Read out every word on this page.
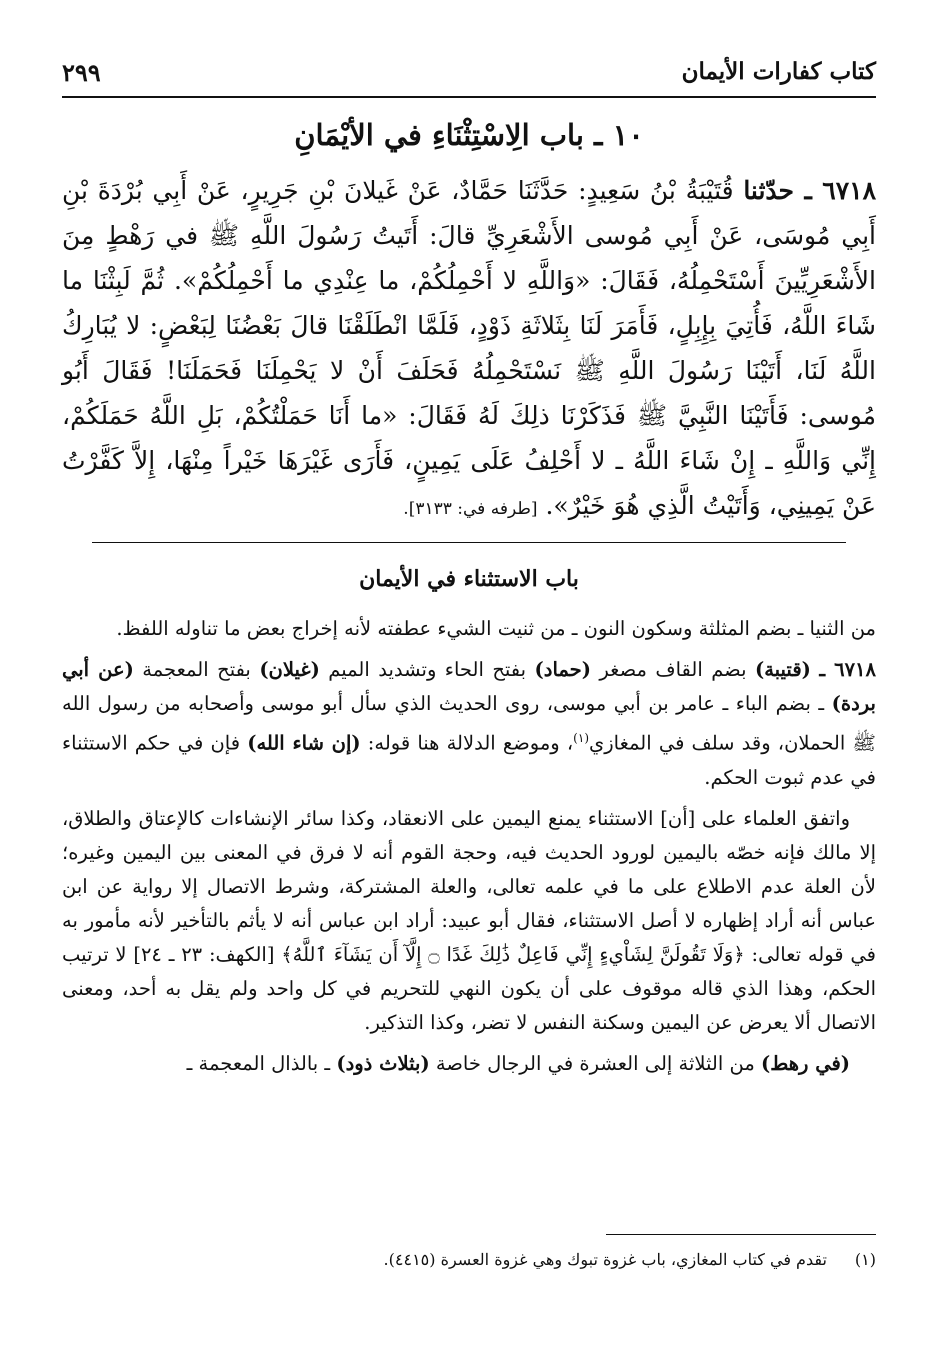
كتاب كفارات الأيمان
٢٩٩
١٠ ـ باب الِاسْتِثْنَاءِ في الأيْمَانِ
٦٧١٨ ـ حدّثنا قُتَيْبَةُ بْنُ سَعِيدٍ: حَدَّثَنَا حَمَّادٌ، عَنْ غَيلانَ بْنِ جَرِيرٍ، عَنْ أَبِي بُرْدَةَ بْنِ أَبِي مُوسَى، عَنْ أَبِي مُوسى الأَشْعَرِيِّ قالَ: أَتَيتُ رَسُولَ اللَّهِ ﷺ في رَهْطٍ مِنَ الأَشْعَرِيِّينَ أَسْتَحْمِلُهُ، فَقَالَ: «وَاللَّهِ لا أَحْمِلُكُمْ، ما عِنْدِي ما أَحْمِلُكُمْ». ثُمَّ لَبِثْنَا ما شَاءَ اللَّهُ، فَأُتِيَ بِإِبِلٍ، فَأَمَرَ لَنَا بِثَلاثَةِ ذَوْدٍ، فَلَمَّا انْطَلَقْنَا قالَ بَعْضُنَا لِبَعْضٍ: لا يُبَارِكُ اللَّهُ لَنَا، أَتَيْنَا رَسُولَ اللَّهِ ﷺ نَسْتَحْمِلُهُ فَحَلَفَ أَنْ لا يَحْمِلَنَا فَحَمَلَنَا! فَقَالَ أَبُو مُوسى: فَأَتَيْنَا النَّبِيَّ ﷺ فَذَكَرْنَا ذلِكَ لَهُ فَقَالَ: «ما أَنَا حَمَلْتُكُمْ، بَلِ اللَّهُ حَمَلَكُمْ، إِنِّي وَاللَّهِ ـ إِنْ شَاءَ اللَّهُ ـ لا أَحْلِفُ عَلَى يَمِينٍ، فَأَرَى غَيْرَهَا خَيْراً مِنْهَا، إِلاَّ كَفَّرْتُ عَنْ يَمِينِي، وَأَتَيْتُ الَّذِي هُوَ خَيْرٌ». [طرفه في: ٣١٣٣].
باب الاستثناء في الأيمان

من الثنيا ـ بضم المثلثة وسكون النون ـ من ثنيت الشيء عطفته لأنه إخراج بعض ما تناوله اللفظ.

٦٧١٨ ـ (قتيبة) بضم القاف مصغر (حماد) بفتح الحاء وتشديد الميم (غيلان) بفتح المعجمة (عن أبي بردة) ـ بضم الباء ـ عامر بن أبي موسى، روى الحديث الذي سأل أبو موسى وأصحابه من رسول الله ﷺ الحملان، وقد سلف في المغازي$^{(١)}$، وموضع الدلالة هنا قوله: (إن شاء الله) فإن في حكم الاستثناء في عدم ثبوت الحكم.

واتفق العلماء على [أن] الاستثناء يمنع اليمين على الانعقاد، وكذا سائر الإنشاءات كالإعتاق والطلاق، إلا مالك فإنه خصّه باليمين لورود الحديث فيه، وحجة القوم أنه لا فرق في المعنى بين اليمين وغيره؛ لأن العلة عدم الاطلاع على ما في علمه تعالى، والعلة المشتركة، وشرط الاتصال إلا رواية عن ابن عباس أنه أراد إظهاره لا أصل الاستثناء، فقال أبو عبيد: أراد ابن عباس أنه لا يأثم بالتأخير لأنه مأمور به في قوله تعالى: ﴿وَلَا تَقُولَنَّ لِشَاْيءٍ إِنِّي فَاعِلٌ ذَٰلِكَ غَدًا ۝ إِلَّآ أَن يَشَآءَ ٱللَّهُ﴾ [الكهف: ٢٣ ـ ٢٤] لا ترتيب الحكم، وهذا الذي قاله موقوف على أن يكون النهي للتحريم في كل واحد ولم يقل به أحد، ومعنى الاتصال ألا يعرض عن اليمين وسكنة النفس لا تضر، وكذا التذكير.

(في رهط) من الثلاثة إلى العشرة في الرجال خاصة (بثلاث ذود) ـ بالذال المعجمة ـ

(١) تقدم في كتاب المغازي، باب غزوة تبوك وهي غزوة العسرة (٤٤١٥).
